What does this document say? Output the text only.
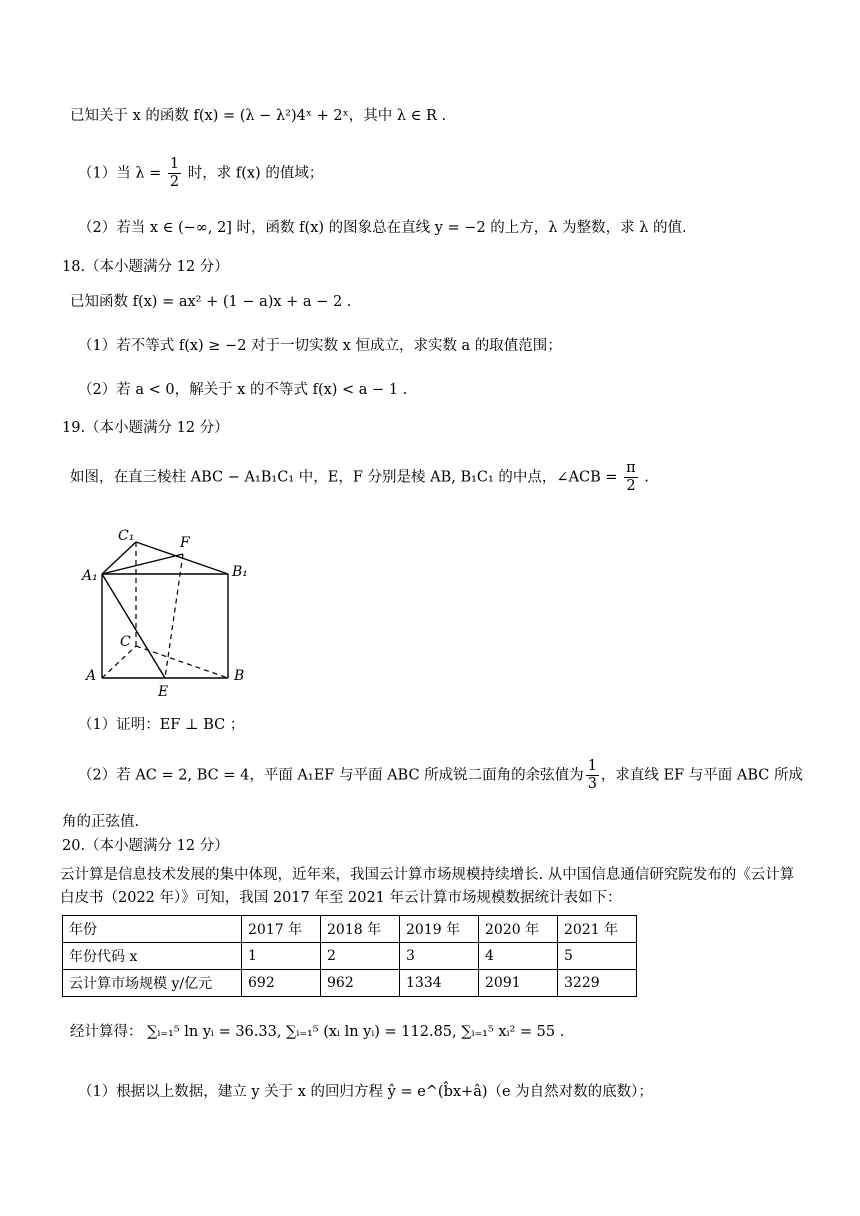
已知关于 x 的函数 f(x) = (λ − λ²)4ˣ + 2ˣ，其中 λ ∈ R .
（1）当 $\lambda = \frac{1}{2}$ 时，求 f(x) 的值域；
（2）若当 x ∈ (−∞, 2] 时，函数 f(x) 的图象总在直线 y = −2 的上方，λ 为整数，求 λ 的值.
18.（本小题满分 12 分）
已知函数 f(x) = ax² + (1 − a)x + a − 2 .
（1）若不等式 f(x) ≥ −2 对于一切实数 x 恒成立，求实数 a 的取值范围；
（2）若 a < 0，解关于 x 的不等式 f(x) < a − 1 .
19.（本小题满分 12 分）
如图，在直三棱柱 ABC − A₁B₁C₁ 中，E，F 分别是棱 AB, B₁C₁ 的中点，∠ACB = $\frac{\pi}{2}$ .
C₁	F
A₁	B₁
C
A	B
E
（1）证明：EF ⊥ BC ；
（2）若 AC = 2, BC = 4，平面 A₁EF 与平面 ABC 所成锐二面角的余弦值为 $\frac{1}{3}$ ，求直线 EF 与平面 ABC 所成
角的正弦值.
20.（本小题满分 12 分）
云计算是信息技术发展的集中体现，近年来，我国云计算市场规模持续增长. 从中国信息通信研究院发布的《云计算白皮书（2022 年）》可知，我国 2017 年至 2021 年云计算市场规模数据统计表如下：
年份	2017 年	2018 年	2019 年	2020 年	2021 年
年份代码 x	1	2	3	4	5
云计算市场规模 y/亿元	692	962	1334	2091	3229
经计算得： ∑ᵢ₌₁⁵ ln yᵢ = 36.33, ∑ᵢ₌₁⁵ (xᵢ ln yᵢ) = 112.85, ∑ᵢ₌₁⁵ xᵢ² = 55 .
（1）根据以上数据，建立 y 关于 x 的回归方程 ŷ = e^(b̂x+â)（e 为自然对数的底数）；
